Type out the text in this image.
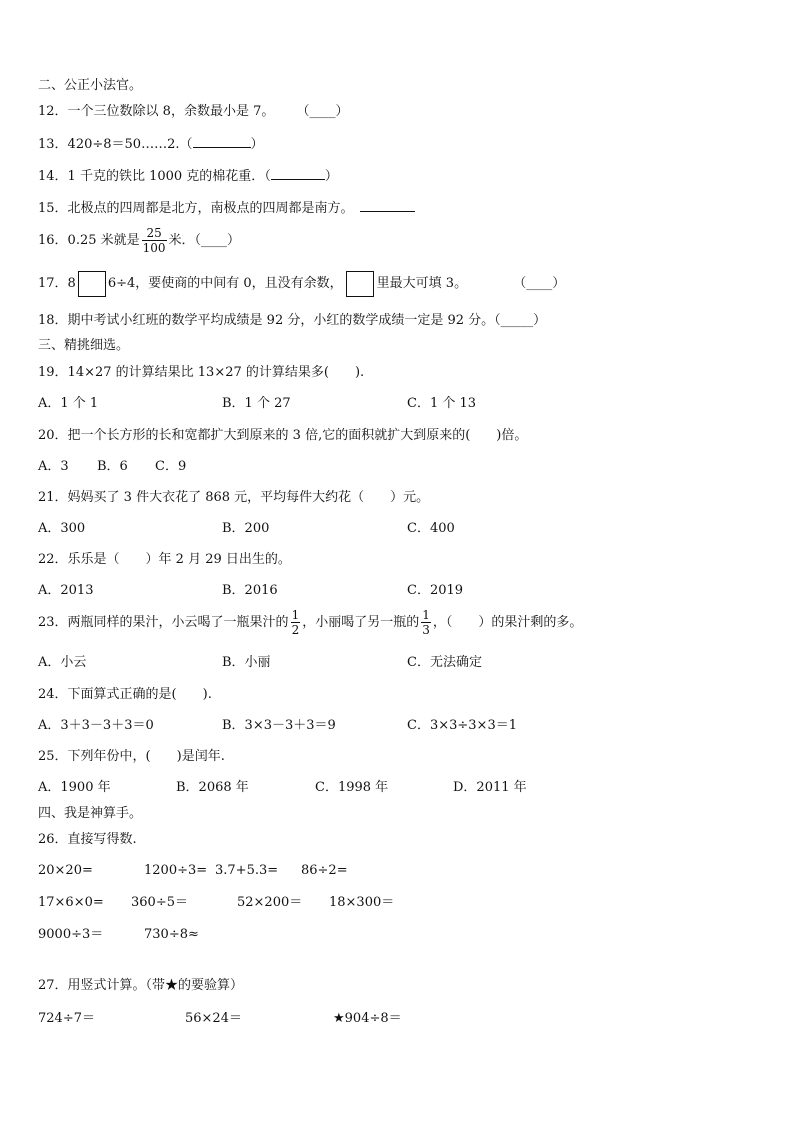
二、公正小法官。
12．一个三位数除以 8，余数最小是 7。 （____）
13．420÷8＝50……2.（	）
14．1 千克的铁比 1000 克的棉花重．（	）
15．北极点的四周都是北方，南极点的四周都是南方。
16．0.25 米就是 $\frac{25}{100}$ 米．（____）
17．8 6÷4，要使商的中间有 0，且没有余数，	里最大可填 3。	（____）
18．期中考试小红班的数学平均成绩是 92 分，小红的数学成绩一定是 92 分。（_____）
三、精挑细选。
19．14×27 的计算结果比 13×27 的计算结果多(　　).
A．1 个 1	B．1 个 27	C．1 个 13
20．把一个长方形的长和宽都扩大到原来的 3 倍,它的面积就扩大到原来的(　　)倍。
A．3 B．6 C．9
21．妈妈买了 3 件大衣花了 868 元，平均每件大约花（　　）元。
A．300	B．200	C．400
22．乐乐是（　　）年 2 月 29 日出生的。
A．2013	B．2016	C．2019
23．两瓶同样的果汁，小云喝了一瓶果汁的 $\frac{1}{2}$ ，小丽喝了另一瓶的 $\frac{1}{3}$ ，（　　）的果汁剩的多。
A．小云	B．小丽	C．无法确定
24．下面算式正确的是(　　).
A．3＋3－3＋3＝0	B．3×3－3＋3＝9	C．3×3÷3×3＝1
25．下列年份中，(　　)是闰年.
A．1900 年	B．2068 年	C．1998 年	D．2011 年
四、我是神算手。
26．直接写得数.
20×20=	1200÷3= 3.7+5.3= 86÷2=
17×6×0= 360÷5＝	52×200＝ 18×300＝
9000÷3＝	730÷8≈
27．用竖式计算。（带★的要验算）
724÷7＝	56×24＝	★904÷8＝
